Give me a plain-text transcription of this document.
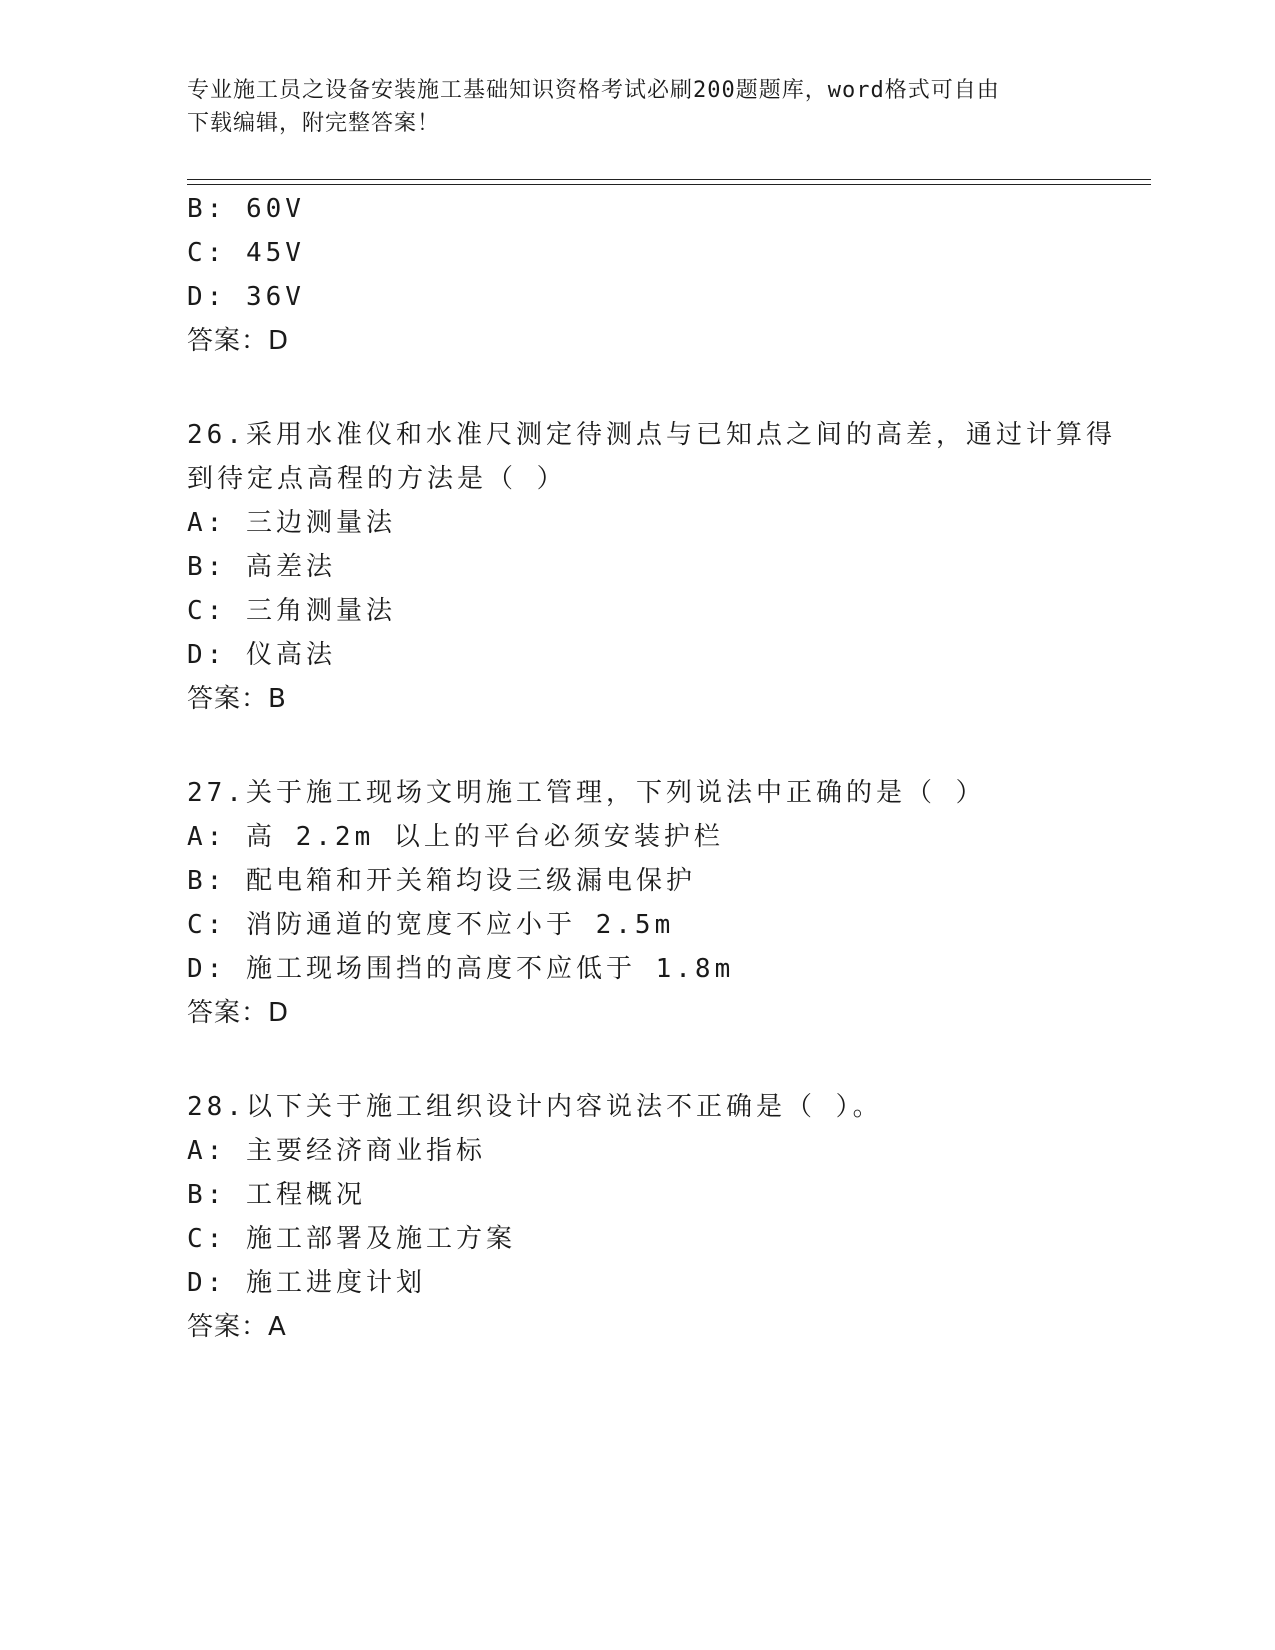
专业施工员之设备安装施工基础知识资格考试必刷200题题库，word格式可自由
下载编辑，附完整答案！
B: 60V
C: 45V
D: 36V
答案：D
26.采用水准仪和水准尺测定待测点与已知点之间的高差，通过计算得
到待定点高程的方法是（ ）
A: 三边测量法
B: 高差法
C: 三角测量法
D: 仪高法
答案：B
27.关于施工现场文明施工管理，下列说法中正确的是（ ）
A: 高 2.2m 以上的平台必须安装护栏
B: 配电箱和开关箱均设三级漏电保护
C: 消防通道的宽度不应小于 2.5m
D: 施工现场围挡的高度不应低于 1.8m
答案：D
28.以下关于施工组织设计内容说法不正确是（ ）。
A: 主要经济商业指标
B: 工程概况
C: 施工部署及施工方案
D: 施工进度计划
答案：A
